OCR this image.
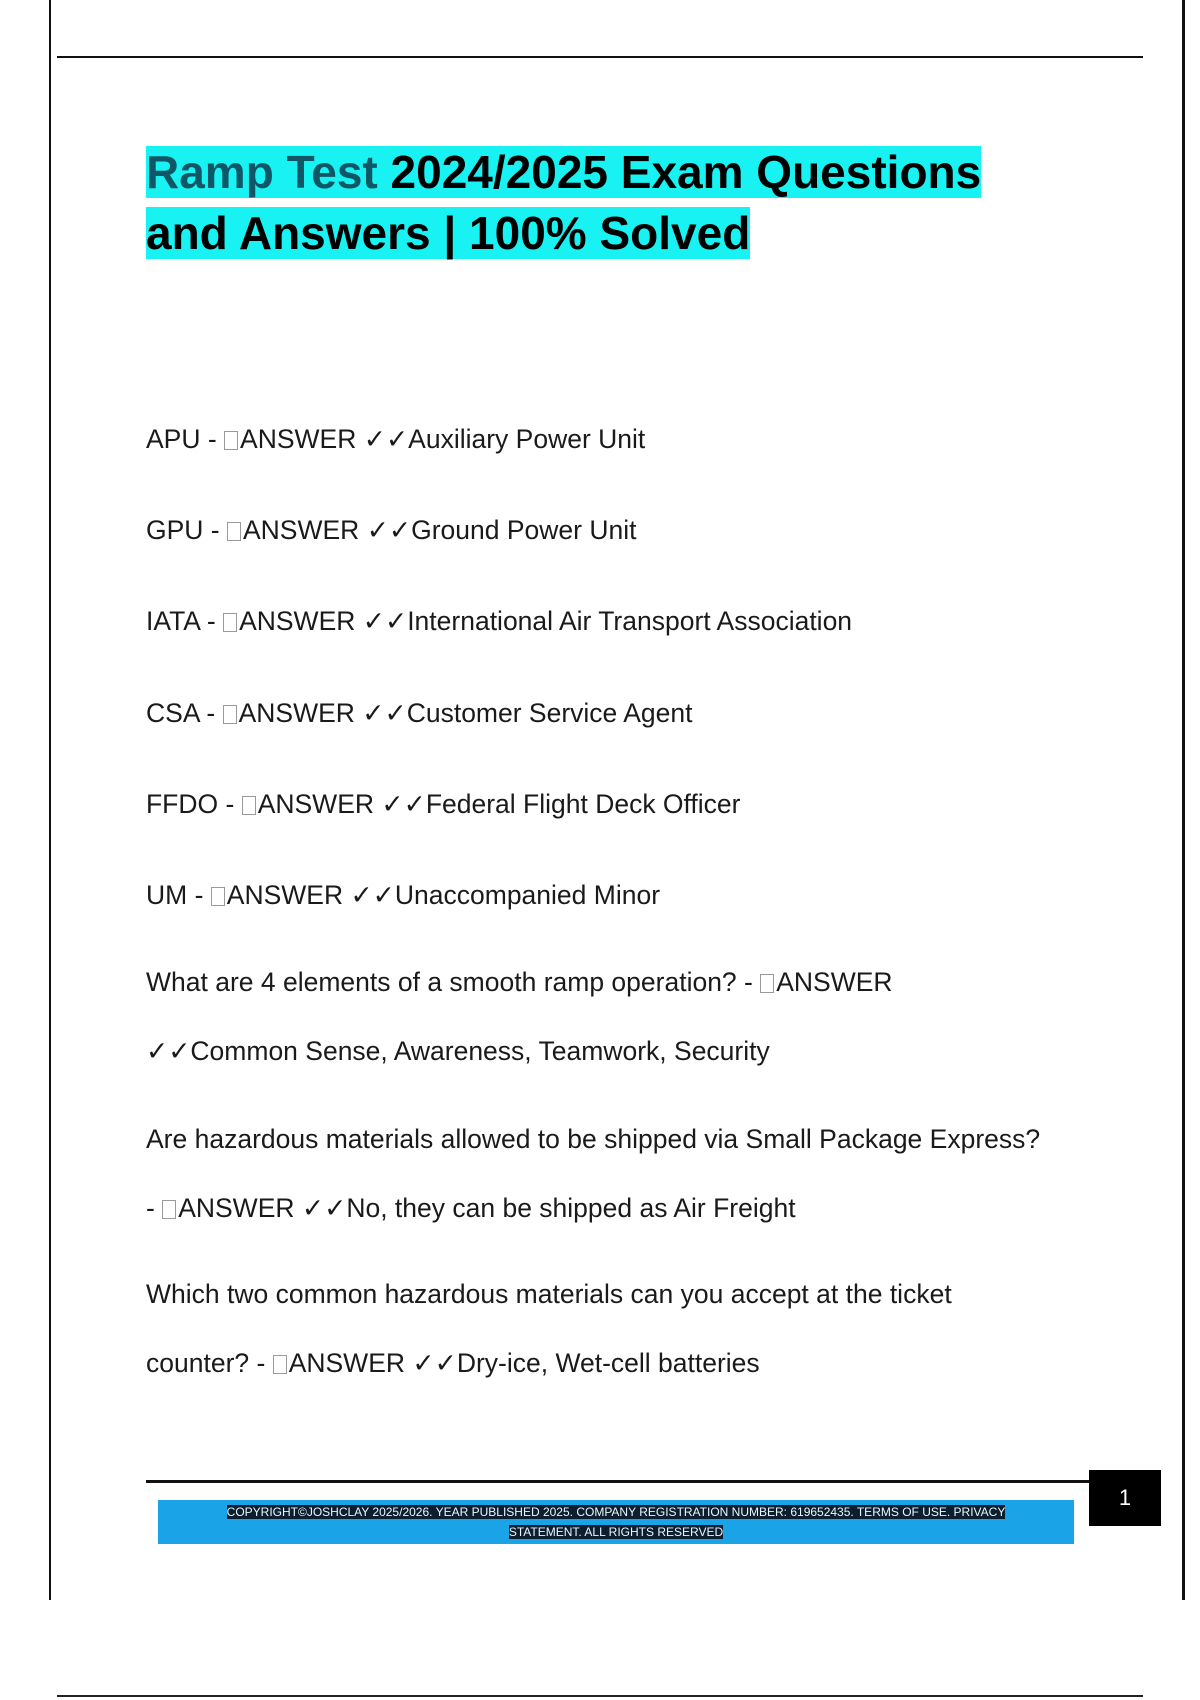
Ramp Test 2024/2025 Exam Questions
and Answers | 100% Solved

APU - ANSWER ✓✓Auxiliary Power Unit

GPU - ANSWER ✓✓Ground Power Unit

IATA - ANSWER ✓✓International Air Transport Association

CSA - ANSWER ✓✓Customer Service Agent

FFDO - ANSWER ✓✓Federal Flight Deck Officer

UM - ANSWER ✓✓Unaccompanied Minor

What are 4 elements of a smooth ramp operation? - ANSWER ✓✓Common Sense, Awareness, Teamwork, Security

Are hazardous materials allowed to be shipped via Small Package Express? - ANSWER ✓✓No, they can be shipped as Air Freight

Which two common hazardous materials can you accept at the ticket counter? - ANSWER ✓✓Dry-ice, Wet-cell batteries

COPYRIGHT©JOSHCLAY 2025/2026. YEAR PUBLISHED 2025. COMPANY REGISTRATION NUMBER: 619652435. TERMS OF USE. PRIVACY
STATEMENT. ALL RIGHTS RESERVED
1
